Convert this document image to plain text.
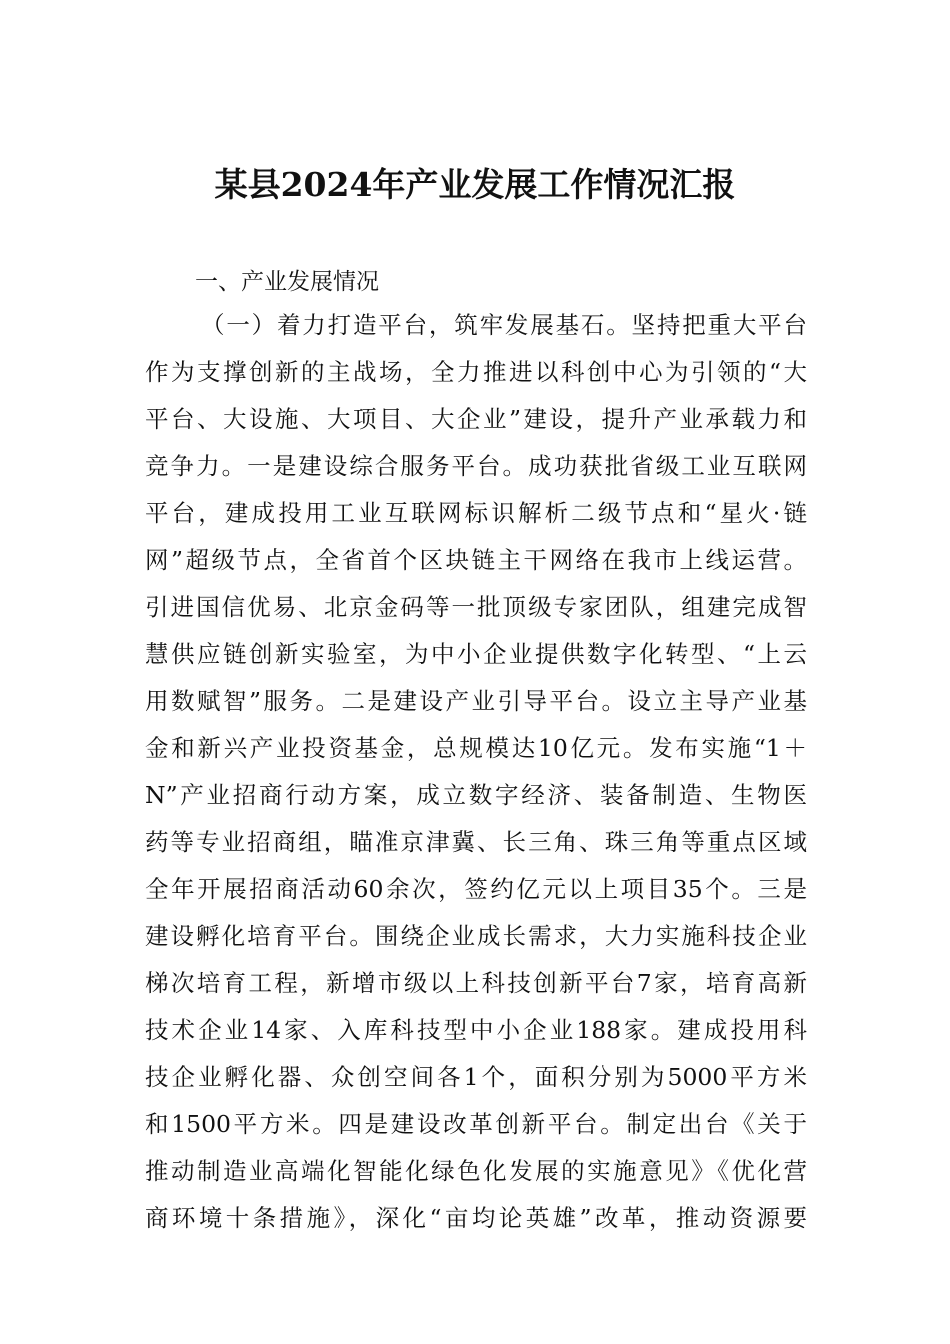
某县2024年产业发展工作情况汇报
一、产业发展情况
（一）着力打造平台，筑牢发展基石。坚持把重大平台
作为支撑创新的主战场，全力推进以科创中心为引领的“大
平台、大设施、大项目、大企业”建设，提升产业承载力和
竞争力。一是建设综合服务平台。成功获批省级工业互联网
平台，建成投用工业互联网标识解析二级节点和“星火·链
网”超级节点，全省首个区块链主干网络在我市上线运营。
引进国信优易、北京金码等一批顶级专家团队，组建完成智
慧供应链创新实验室，为中小企业提供数字化转型、“上云
用数赋智”服务。二是建设产业引导平台。设立主导产业基
金和新兴产业投资基金，总规模达10亿元。发布实施“1＋
N”产业招商行动方案，成立数字经济、装备制造、生物医
药等专业招商组，瞄准京津冀、长三角、珠三角等重点区域
全年开展招商活动60余次，签约亿元以上项目35个。三是
建设孵化培育平台。围绕企业成长需求，大力实施科技企业
梯次培育工程，新增市级以上科技创新平台7家，培育高新
技术企业14家、入库科技型中小企业188家。建成投用科
技企业孵化器、众创空间各1个，面积分别为5000平方米
和1500平方米。四是建设改革创新平台。制定出台《关于
推动制造业高端化智能化绿色化发展的实施意见》《优化营
商环境十条措施》，深化“亩均论英雄”改革，推动资源要
